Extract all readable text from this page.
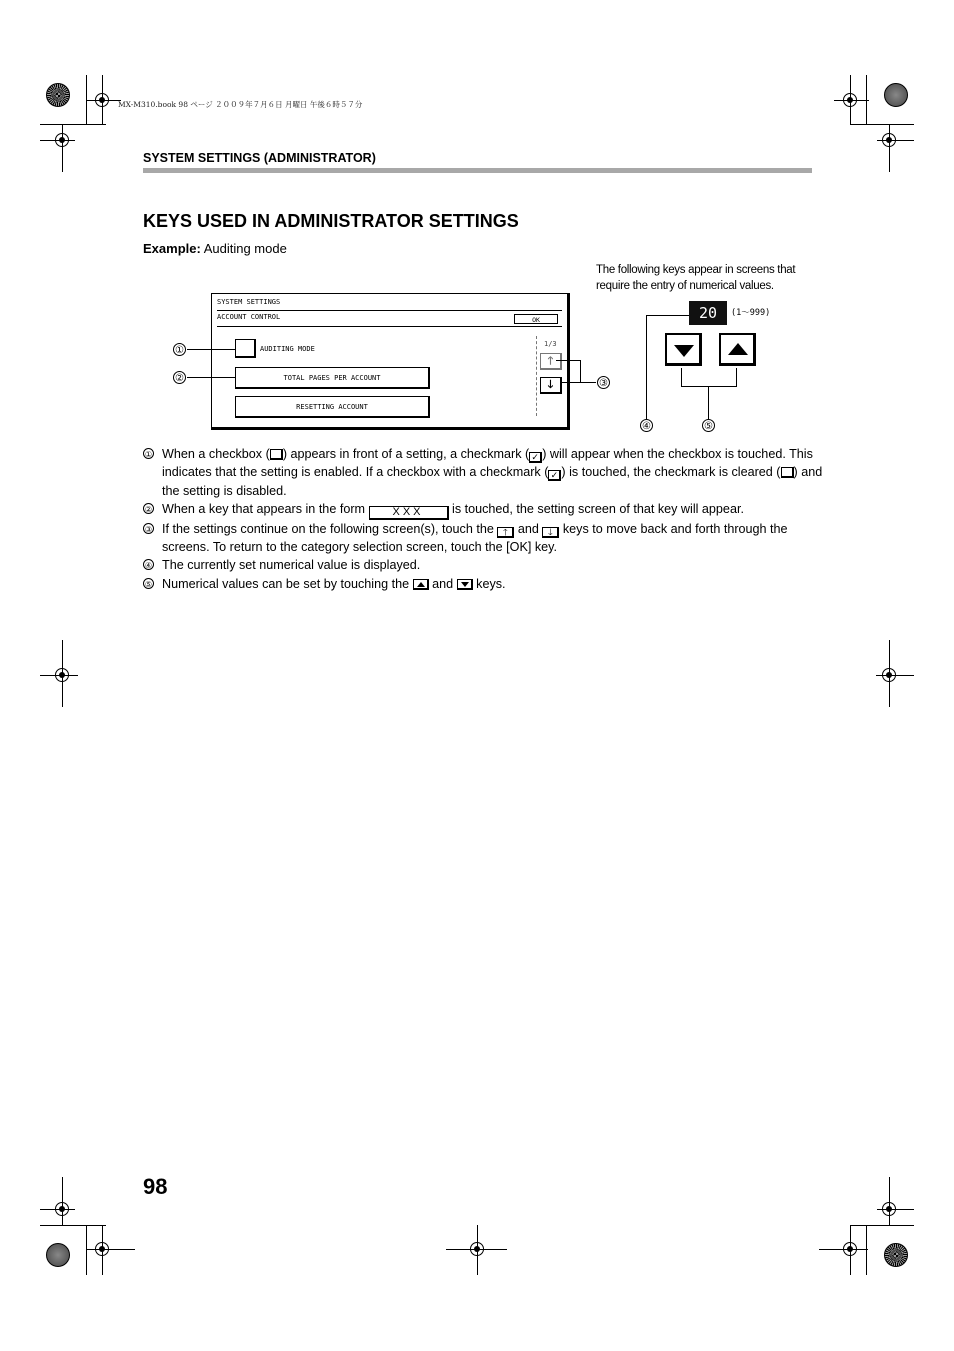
MX-M310.book 98 ページ ２００９年７月６日 月曜日 午後６時５７分
SYSTEM SETTINGS (ADMINISTRATOR)
KEYS USED IN ADMINISTRATOR SETTINGS
Example: Auditing mode
The following keys appear in screens that require the entry of numerical values.
SYSTEM SETTINGS
ACCOUNT CONTROL	OK
AUDITING MODE
TOTAL PAGES PER ACCOUNT
RESETTING ACCOUNT
1/3
🡑
🡓
①
②	③
20	(1～999)
④	⑤
① When a checkbox ( ) appears in front of a setting, a checkmark ( ✓ ) will appear when the checkbox is touched. This indicates that the setting is enabled. If a checkbox with a checkmark ( ✓ ) is touched, the checkmark is cleared ( ) and the setting is disabled.
② When a key that appears in the form XXX is touched, the setting screen of that key will appear.
③ If the settings continue on the following screen(s), touch the 🡑 and 🡓 keys to move back and forth through the screens. To return to the category selection screen, touch the [OK] key.
④ The currently set numerical value is displayed.
⑤ Numerical values can be set by touching the and keys.
98
